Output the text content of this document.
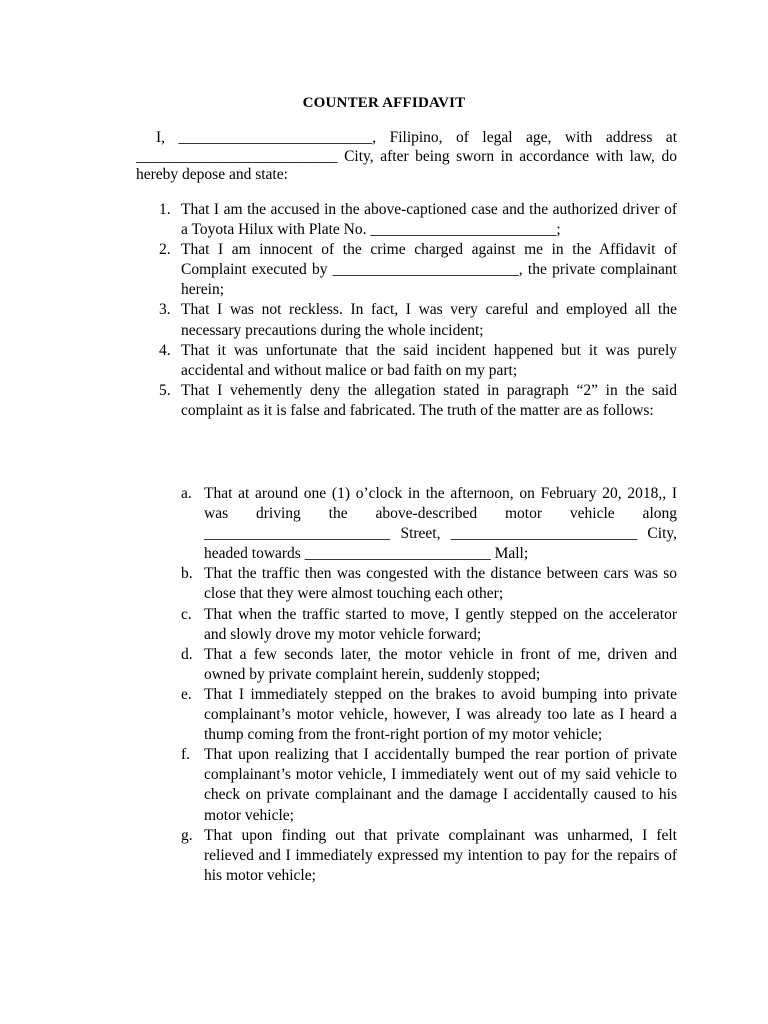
COUNTER AFFIDAVIT

I, _________________________, Filipino, of legal age, with address at __________________________ City, after being sworn in accordance with law, do hereby depose and state:

1. That I am the accused in the above-captioned case and the authorized driver of a Toyota Hilux with Plate No. ________________________;
2. That I am innocent of the crime charged against me in the Affidavit of Complaint executed by ________________________, the private complainant herein;
3. That I was not reckless. In fact, I was very careful and employed all the necessary precautions during the whole incident;
4. That it was unfortunate that the said incident happened but it was purely accidental and without malice or bad faith on my part;
5. That I vehemently deny the allegation stated in paragraph “2” in the said complaint as it is false and fabricated. The truth of the matter are as follows:
a. That at around one (1) o’clock in the afternoon, on February 20, 2018,, I was driving the above-described motor vehicle along ________________________ Street, ________________________ City, headed towards ________________________ Mall;
b. That the traffic then was congested with the distance between cars was so close that they were almost touching each other;
c. That when the traffic started to move, I gently stepped on the accelerator and slowly drove my motor vehicle forward;
d. That a few seconds later, the motor vehicle in front of me, driven and owned by private complaint herein, suddenly stopped;
e. That I immediately stepped on the brakes to avoid bumping into private complainant’s motor vehicle, however, I was already too late as I heard a thump coming from the front-right portion of my motor vehicle;
f. That upon realizing that I accidentally bumped the rear portion of private complainant’s motor vehicle, I immediately went out of my said vehicle to check on private complainant and the damage I accidentally caused to his motor vehicle;
g. That upon finding out that private complainant was unharmed, I felt relieved and I immediately expressed my intention to pay for the repairs of his motor vehicle;
